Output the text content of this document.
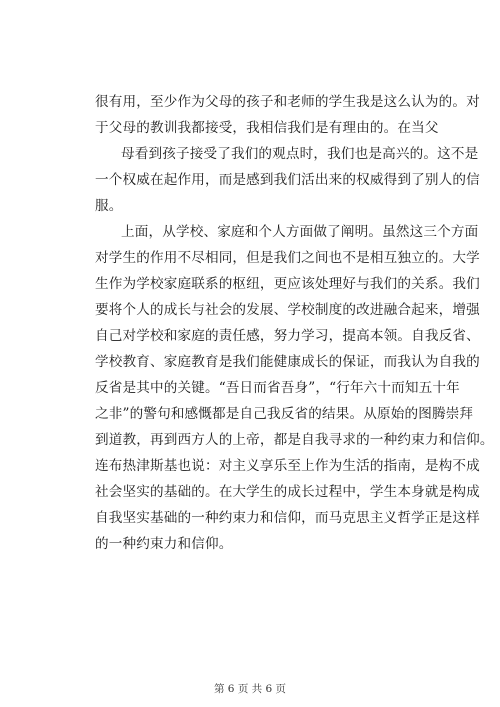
很有用，至少作为父母的孩子和老师的学生我是这么认为的。对
于父母的教训我都接受，我相信我们是有理由的。在当父
母看到孩子接受了我们的观点时，我们也是高兴的。这不是
一个权威在起作用，而是感到我们活出来的权威得到了别人的信
服。
上面，从学校、家庭和个人方面做了阐明。虽然这三个方面
对学生的作用不尽相同，但是我们之间也不是相互独立的。大学
生作为学校家庭联系的枢纽，更应该处理好与我们的关系。我们
要将个人的成长与社会的发展、学校制度的改进融合起来，增强
自己对学校和家庭的责任感，努力学习，提高本领。自我反省、
学校教育、家庭教育是我们能健康成长的保证，而我认为自我的
反省是其中的关键。“吾日而省吾身”，“行年六十而知五十年
之非”的警句和感慨都是自己我反省的结果。从原始的图腾崇拜
到道教，再到西方人的上帝，都是自我寻求的一种约束力和信仰。
连布热津斯基也说：对主义享乐至上作为生活的指南，是构不成
社会坚实的基础的。在大学生的成长过程中，学生本身就是构成
自我坚实基础的一种约束力和信仰，而马克思主义哲学正是这样
的一种约束力和信仰。
第 6 页 共 6 页
